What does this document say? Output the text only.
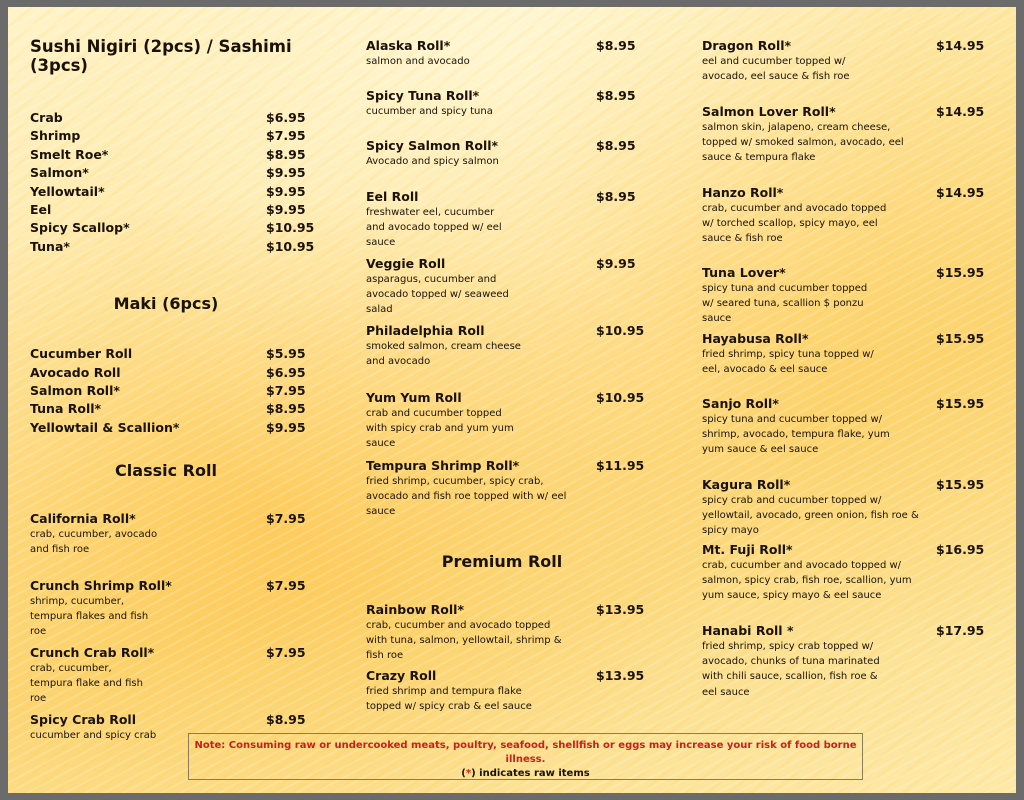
Sushi Nigiri (2pcs) / Sashimi (3pcs)
Crab	$6.95
Shrimp	$7.95
Smelt Roe*	$8.95
Salmon*	$9.95
Yellowtail*	$9.95
Eel	$9.95
Spicy Scallop*	$10.95
Tuna*	$10.95
Maki (6pcs)
Cucumber Roll	$5.95
Avocado Roll	$6.95
Salmon Roll*	$7.95
Tuna Roll*	$8.95
Yellowtail & Scallion*	$9.95
Classic Roll
California Roll*	$7.95
crab, cucumber, avocado and fish roe
Crunch Shrimp Roll*	$7.95
shrimp, cucumber, tempura flakes and fish roe
Crunch Crab Roll*	$7.95
crab, cucumber, tempura flake and fish roe
Spicy Crab Roll	$8.95
cucumber and spicy crab
Alaska Roll*	$8.95
salmon and avocado
Spicy Tuna Roll*	$8.95
cucumber and spicy tuna
Spicy Salmon Roll*	$8.95
Avocado and spicy salmon
Eel Roll	$8.95
freshwater eel, cucumber and avocado topped w/ eel sauce
Veggie Roll	$9.95
asparagus, cucumber and avocado topped w/ seaweed salad
Philadelphia Roll	$10.95
smoked salmon, cream cheese and avocado
Yum Yum Roll	$10.95
crab and cucumber topped with spicy crab and yum yum sauce
Tempura Shrimp Roll*	$11.95
fried shrimp, cucumber, spicy crab, avocado and fish roe topped with w/ eel sauce
Premium Roll
Rainbow Roll*	$13.95
crab, cucumber and avocado topped with tuna, salmon, yellowtail, shrimp & fish roe
Crazy Roll	$13.95
fried shrimp and tempura flake topped w/ spicy crab & eel sauce
Dragon Roll*	$14.95
eel and cucumber topped w/ avocado, eel sauce & fish roe
Salmon Lover Roll*	$14.95
salmon skin, jalapeno, cream cheese, topped w/ smoked salmon, avocado, eel sauce & tempura flake
Hanzo Roll*	$14.95
crab, cucumber and avocado topped w/ torched scallop, spicy mayo, eel sauce & fish roe
Tuna Lover*	$15.95
spicy tuna and cucumber topped w/ seared tuna, scallion $ ponzu sauce
Hayabusa Roll*	$15.95
fried shrimp, spicy tuna topped w/ eel, avocado & eel sauce
Sanjo Roll*	$15.95
spicy tuna and cucumber topped w/ shrimp, avocado, tempura flake, yum yum sauce & eel sauce
Kagura Roll*	$15.95
spicy crab and cucumber topped w/ yellowtail, avocado, green onion, fish roe & spicy mayo
Mt. Fuji Roll*	$16.95
crab, cucumber and avocado topped w/ salmon, spicy crab, fish roe, scallion, yum yum sauce, spicy mayo & eel sauce
Hanabi Roll *	$17.95
fried shrimp, spicy crab topped w/ avocado, chunks of tuna marinated with chili sauce, scallion, fish roe & eel sauce
Note: Consuming raw or undercooked meats, poultry, seafood, shellfish or eggs may increase your risk of food borne illness.
(*) indicates raw items
